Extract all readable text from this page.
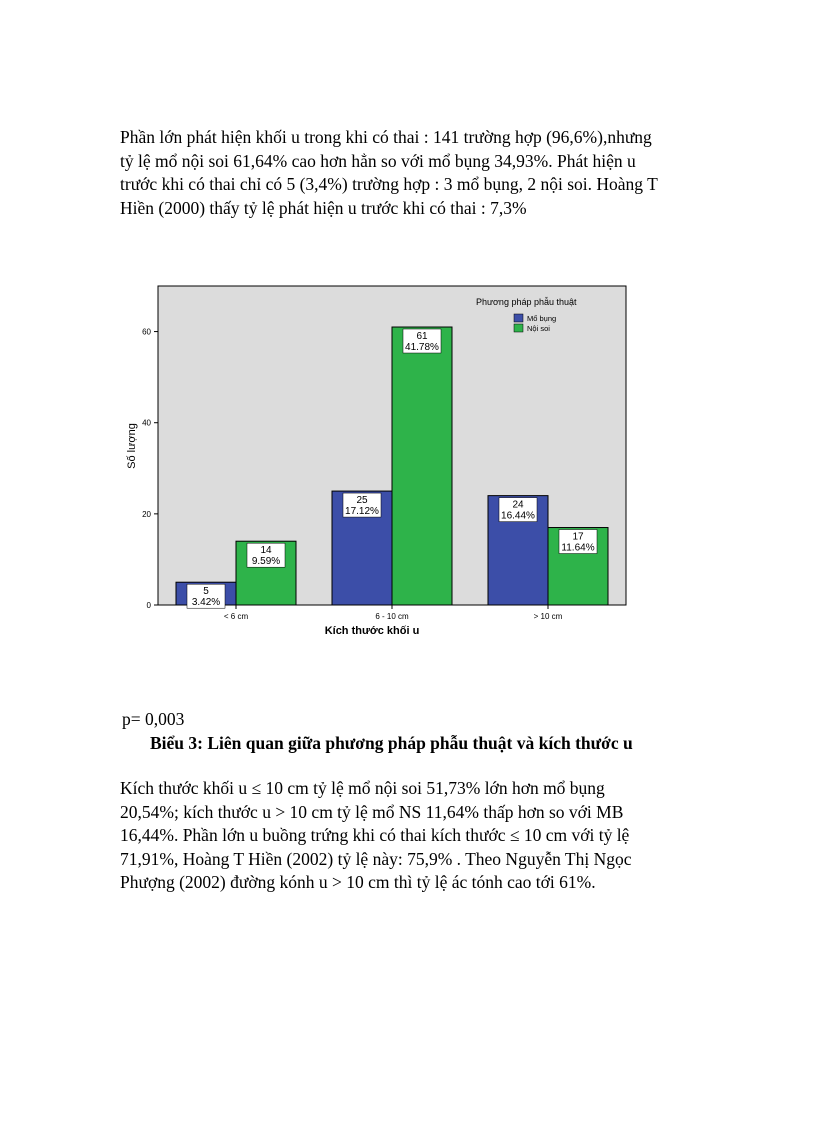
Phần lớn phát hiện khối u trong khi có thai : 141 trường hợp (96,6%),nhưng
tỷ lệ mổ nội soi 61,64% cao hơn hẳn so với mổ bụng 34,93%. Phát hiện u
trước khi có thai chỉ có 5 (3,4%) trường hợp : 3 mổ bụng, 2 nội soi. Hoàng T
Hiền (2000) thấy tỷ lệ phát hiện u trước khi có thai : 7,3%

0
20
40
60
Số lượng
< 6 cm
5
3.42%
14
9.59%
6 - 10 cm
25
17.12%
61
41.78%
> 10 cm
24
16.44%
17
11.64%
Kích thước khối u
Phương pháp phẫu thuật
Mổ bụng
Nội soi
p= 0,003
Biểu 3: Liên quan giữa phương pháp phẫu thuật và kích thước u

Kích thước khối u ≤ 10 cm tỷ lệ mổ nội soi 51,73% lớn hơn mổ bụng
20,54%; kích thước u > 10 cm tỷ lệ mổ NS 11,64% thấp hơn so với MB
16,44%. Phần lớn u buồng trứng khi có thai kích thước ≤ 10 cm với tỷ lệ
71,91%, Hoàng T Hiền (2002) tỷ lệ này: 75,9% . Theo Nguyễn Thị Ngọc
Phượng (2002) đường kónh u > 10 cm thì tỷ lệ ác tónh cao tới 61%.
